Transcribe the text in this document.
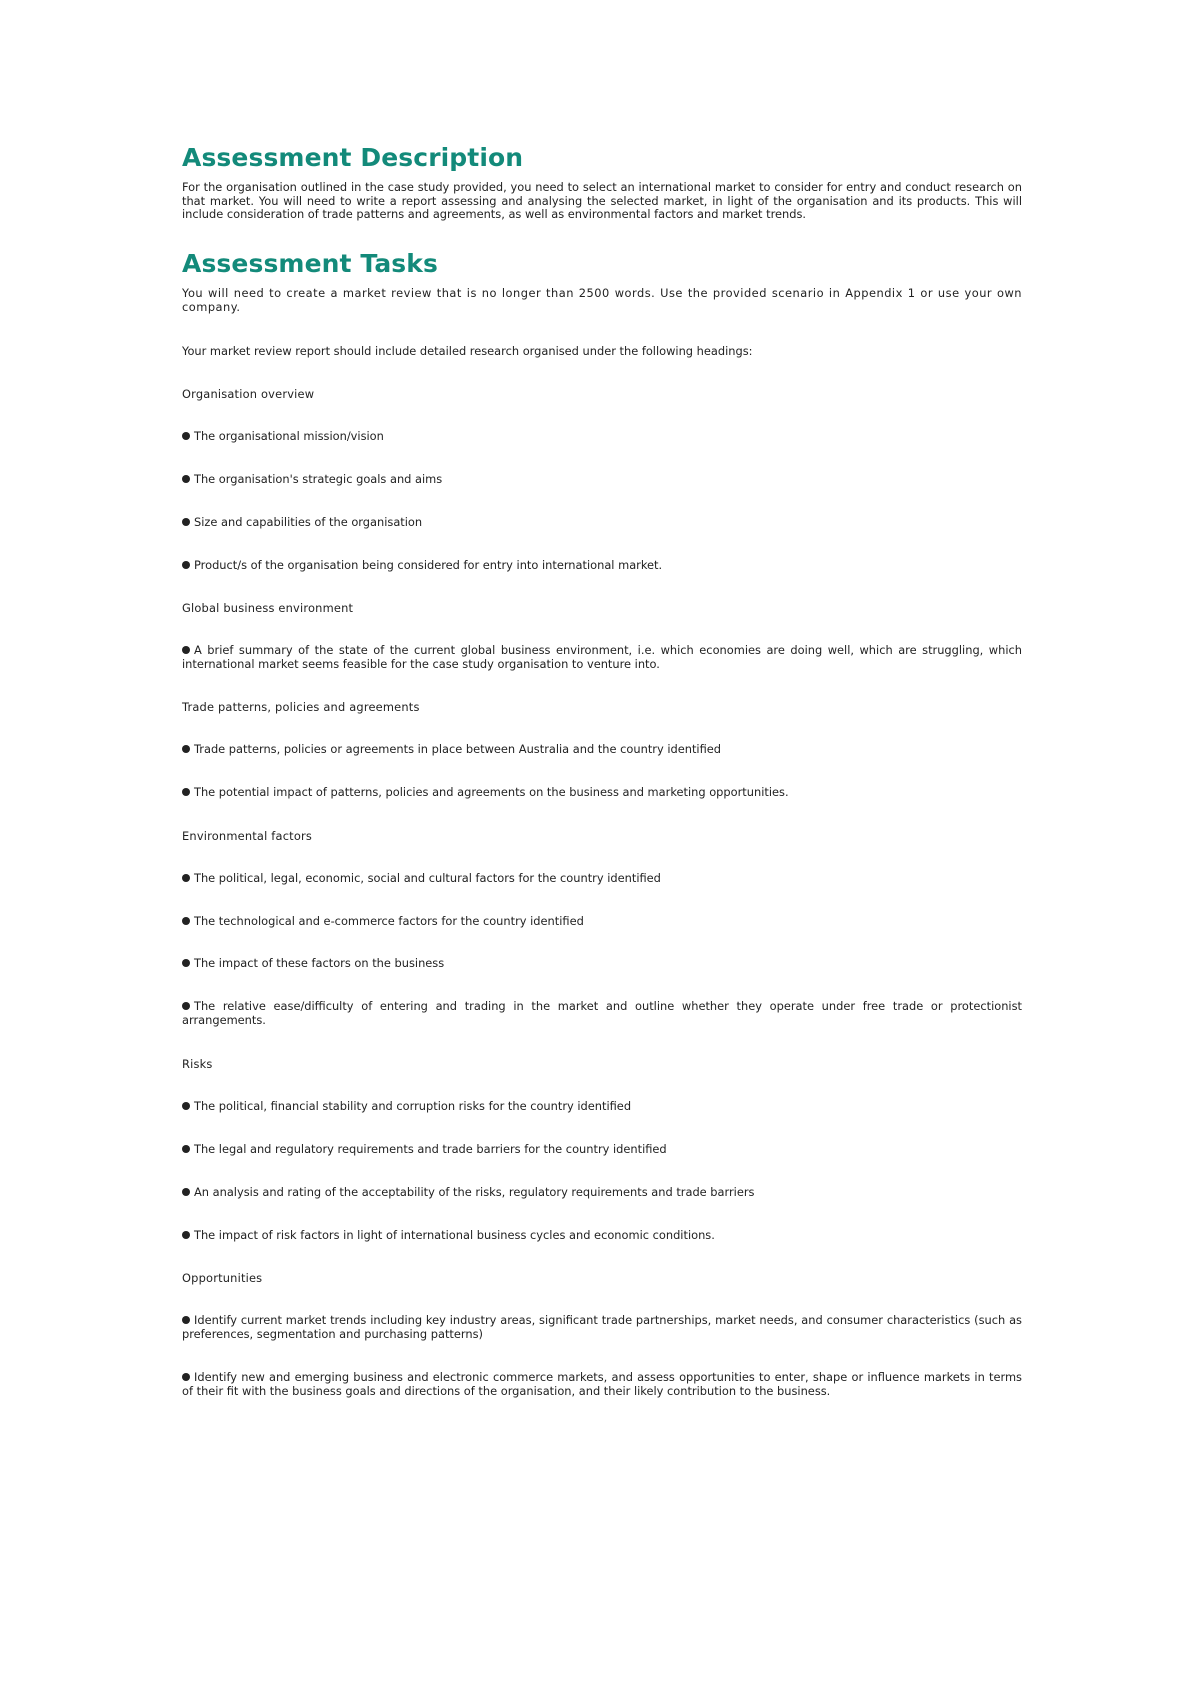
Assessment Description

For the organisation outlined in the case study provided, you need to select an international market to consider for entry and conduct research on that market. You will need to write a report assessing and analysing the selected market, in light of the organisation and its products. This will include consideration of trade patterns and agreements, as well as environmental factors and market trends.

Assessment Tasks

You will need to create a market review that is no longer than 2500 words. Use the provided scenario in Appendix 1 or use your own company.

Your market review report should include detailed research organised under the following headings:

Organisation overview
The organisational mission/vision
The organisation's strategic goals and aims
Size and capabilities of the organisation
Product/s of the organisation being considered for entry into international market.
Global business environment
A brief summary of the state of the current global business environment, i.e. which economies are doing well, which are struggling, which international market seems feasible for the case study organisation to venture into.
Trade patterns, policies and agreements
Trade patterns, policies or agreements in place between Australia and the country identified
The potential impact of patterns, policies and agreements on the business and marketing opportunities.
Environmental factors
The political, legal, economic, social and cultural factors for the country identified
The technological and e-commerce factors for the country identified
The impact of these factors on the business
The relative ease/difficulty of entering and trading in the market and outline whether they operate under free trade or protectionist arrangements.
Risks
The political, financial stability and corruption risks for the country identified
The legal and regulatory requirements and trade barriers for the country identified
An analysis and rating of the acceptability of the risks, regulatory requirements and trade barriers
The impact of risk factors in light of international business cycles and economic conditions.
Opportunities
Identify current market trends including key industry areas, significant trade partnerships, market needs, and consumer characteristics (such as preferences, segmentation and purchasing patterns)
Identify new and emerging business and electronic commerce markets, and assess opportunities to enter, shape or influence markets in terms of their fit with the business goals and directions of the organisation, and their likely contribution to the business.
